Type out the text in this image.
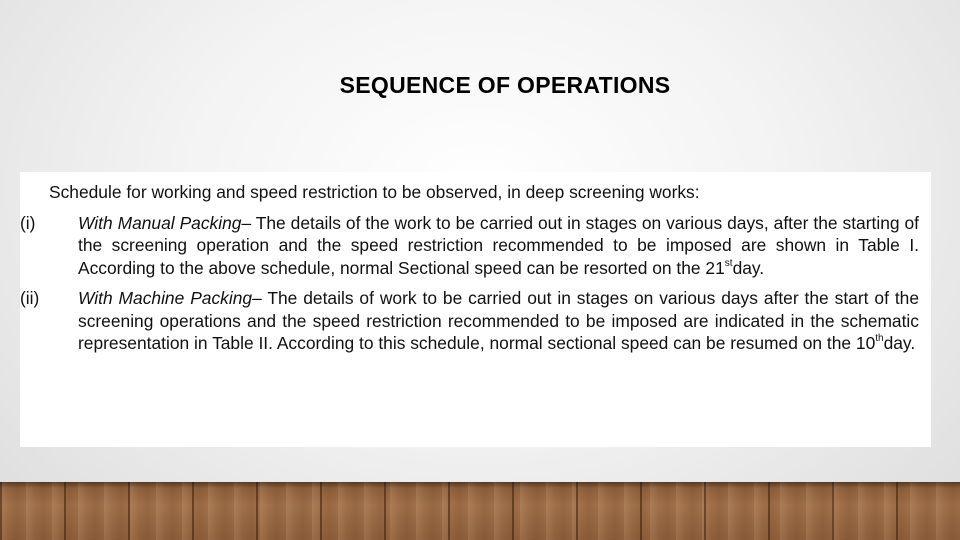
SEQUENCE OF OPERATIONS

Schedule for working and speed restriction to be observed, in deep screening works:

(i)	With Manual Packing– The details of the work to be carried out in stages on various days, after the starting of the screening operation and the speed restriction recommended to be imposed are shown in Table I. According to the above schedule, normal Sectional speed can be resorted on the 21stday.

(ii)	With Machine Packing– The details of work to be carried out in stages on various days after the start of the screening operations and the speed restriction recommended to be imposed are indicated in the schematic representation in Table II. According to this schedule, normal sectional speed can be resumed on the 10thday.
